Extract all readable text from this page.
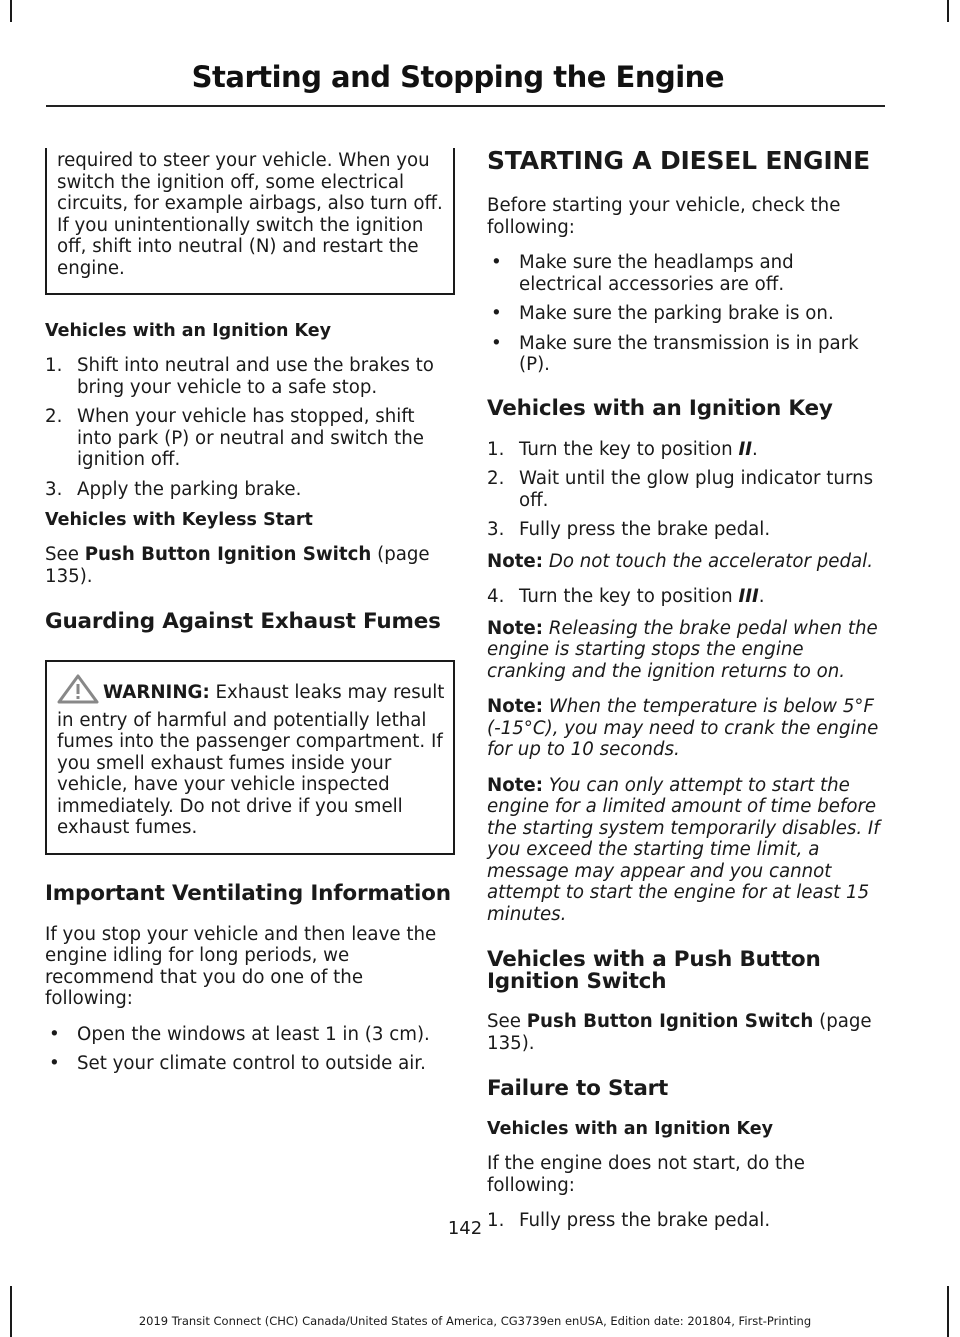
Starting and Stopping the Engine

required to steer your vehicle. When you switch the ignition off, some electrical circuits, for example airbags, also turn off. If you unintentionally switch the ignition off, shift into neutral (N) and restart the engine.

Vehicles with an Ignition Key
1. Shift into neutral and use the brakes to bring your vehicle to a safe stop.
2. When your vehicle has stopped, shift into park (P) or neutral and switch the ignition off.
3. Apply the parking brake.
Vehicles with Keyless Start

See Push Button Ignition Switch (page 135).

Guarding Against Exhaust Fumes

WARNING: Exhaust leaks may result in entry of harmful and potentially lethal fumes into the passenger compartment. If you smell exhaust fumes inside your vehicle, have your vehicle inspected immediately. Do not drive if you smell exhaust fumes.

Important Ventilating Information

If you stop your vehicle and then leave the engine idling for long periods, we recommend that you do one of the following:

• Open the windows at least 1 in (3 cm).
• Set your climate control to outside air.
STARTING A DIESEL ENGINE

Before starting your vehicle, check the following:

• Make sure the headlamps and electrical accessories are off.
• Make sure the parking brake is on.
• Make sure the transmission is in park (P).
Vehicles with an Ignition Key
1. Turn the key to position II.
2. Wait until the glow plug indicator turns off.
3. Fully press the brake pedal.

Note: Do not touch the accelerator pedal.

4. Turn the key to position III.

Note: Releasing the brake pedal when the engine is starting stops the engine cranking and the ignition returns to on.

Note: When the temperature is below 5°F (-15°C), you may need to crank the engine for up to 10 seconds.

Note: You can only attempt to start the engine for a limited amount of time before the starting system temporarily disables. If you exceed the starting time limit, a message may appear and you cannot attempt to start the engine for at least 15 minutes.

Vehicles with a Push Button Ignition Switch

See Push Button Ignition Switch (page 135).

Failure to Start
Vehicles with an Ignition Key

If the engine does not start, do the following:

1. Fully press the brake pedal.
142
2019 Transit Connect (CHC) Canada/United States of America, CG3739en enUSA, Edition date: 201804, First-Printing
